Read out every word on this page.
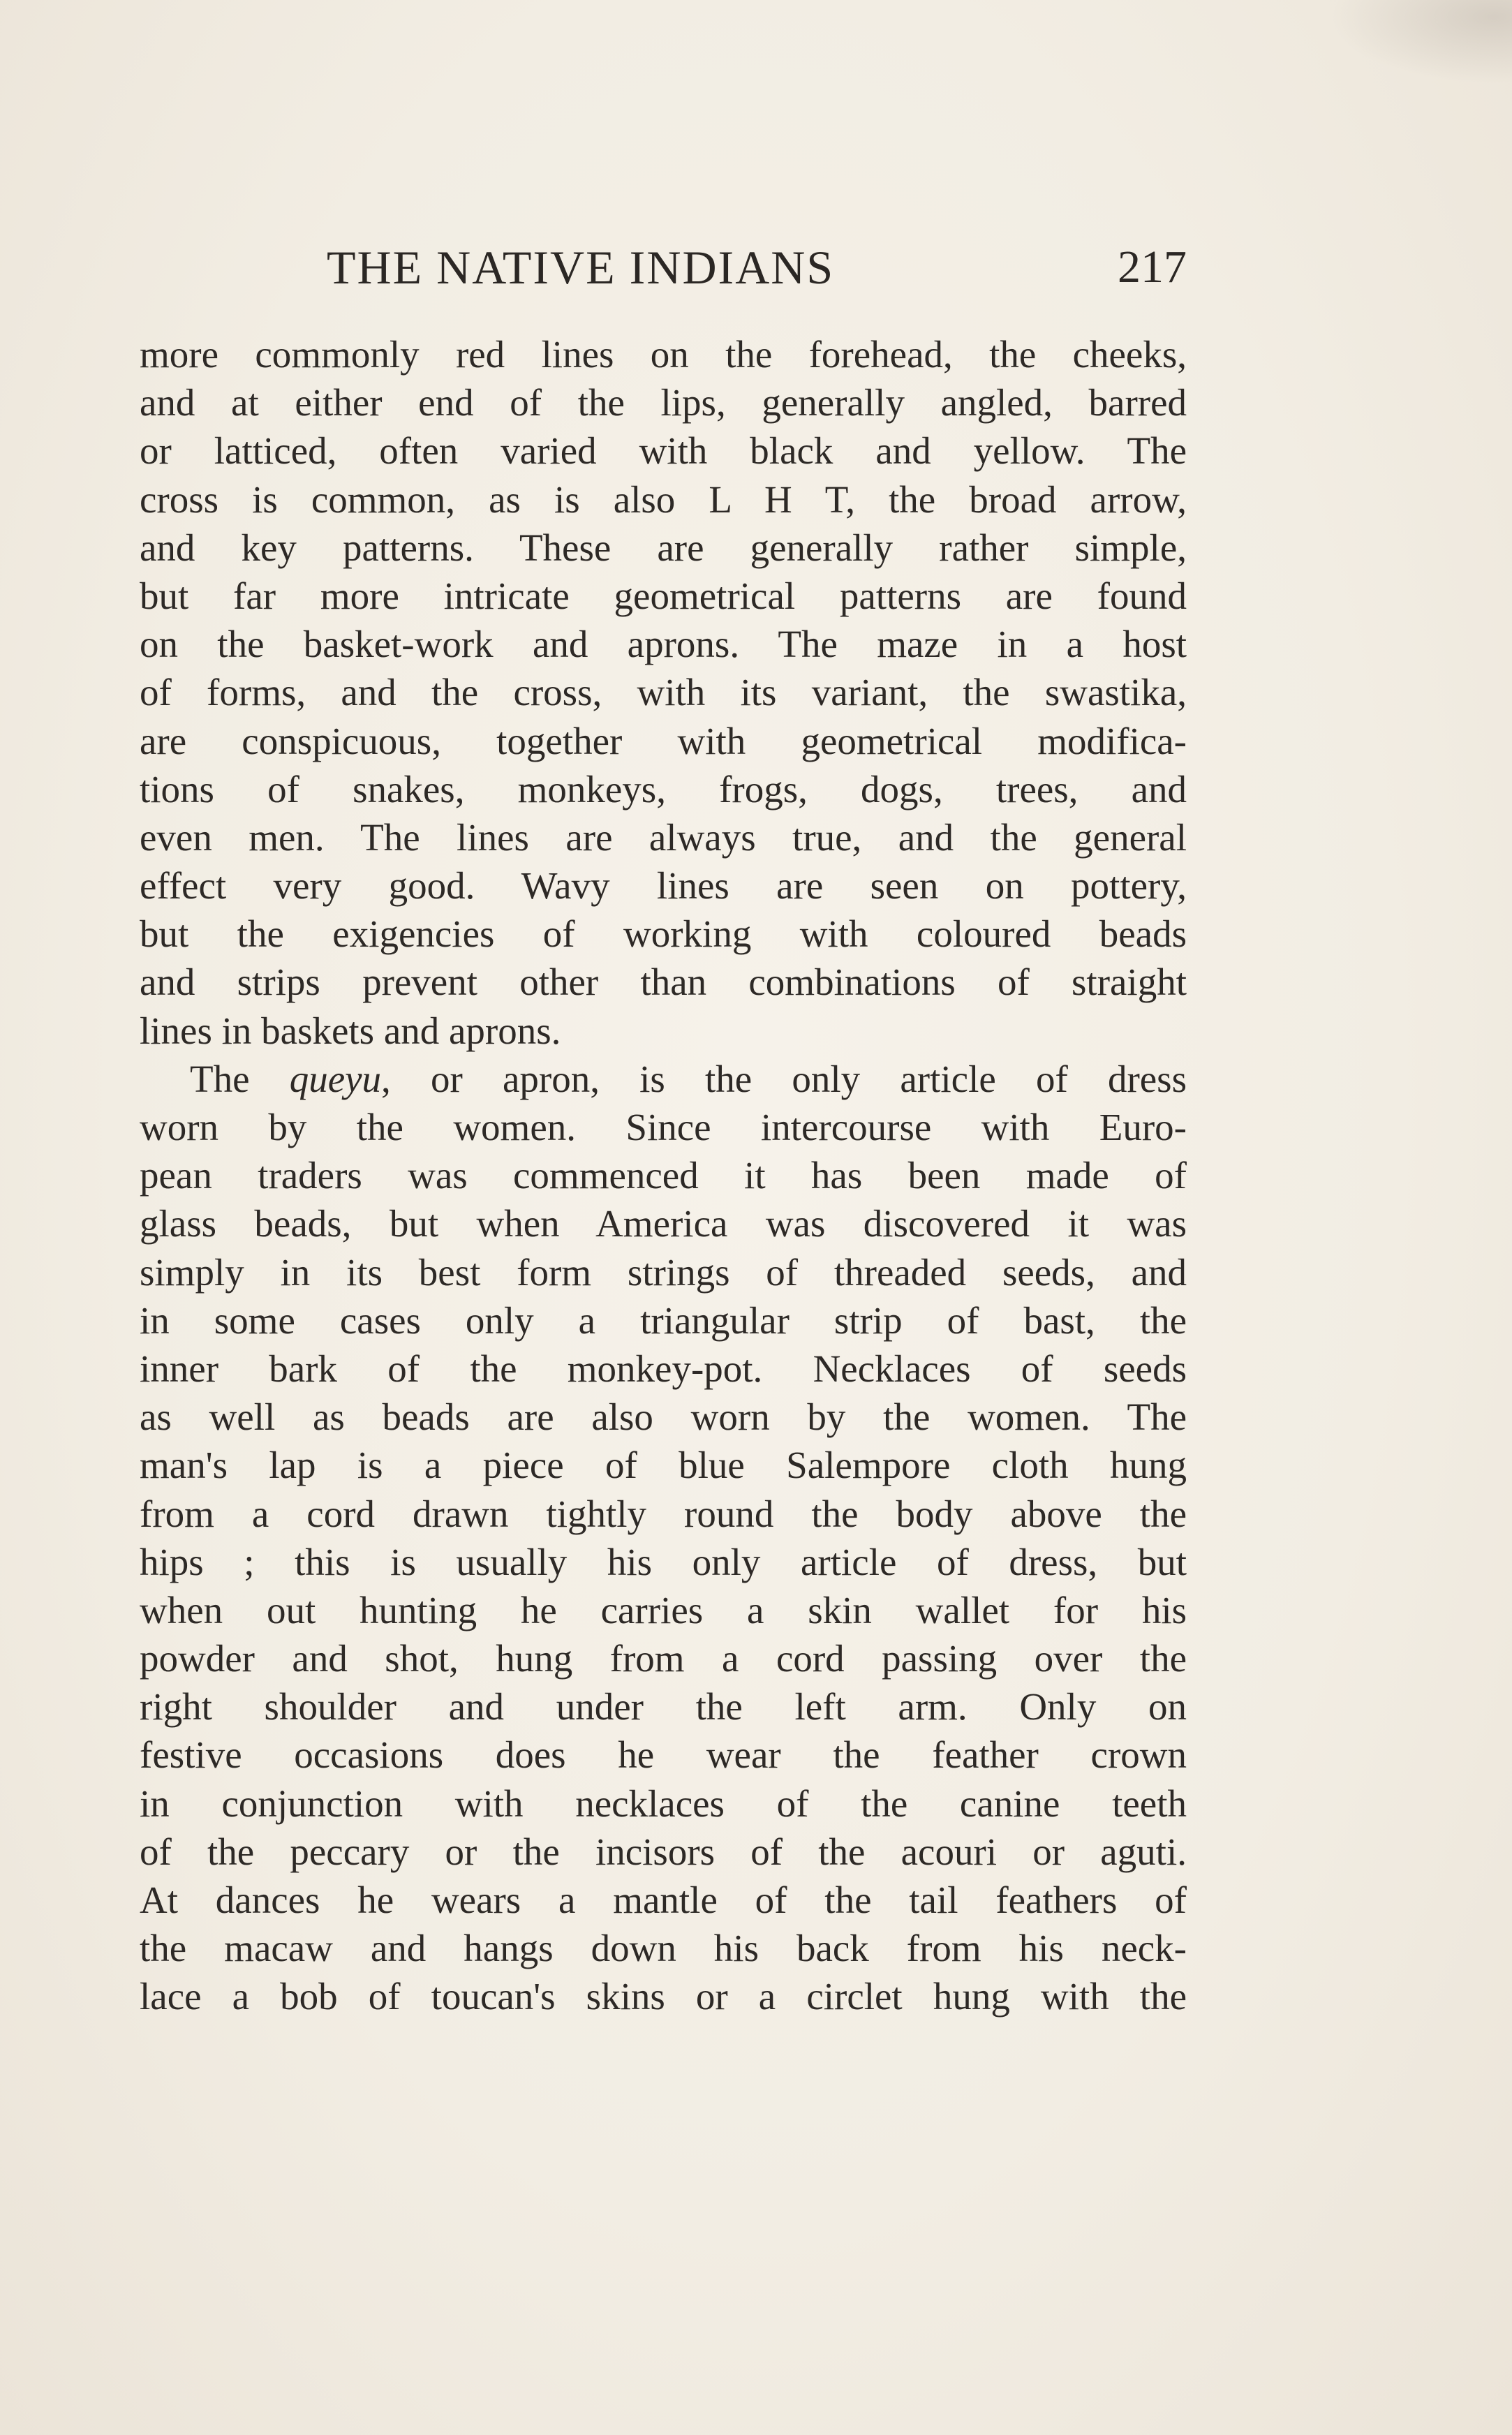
THE NATIVE INDIANS	217
more commonly red lines on the forehead, the cheeks,
and at either end of the lips, generally angled, barred
or latticed, often varied with black and yellow. The
cross is common, as is also L H T, the broad arrow,
and key patterns. These are generally rather simple,
but far more intricate geometrical patterns are found
on the basket-work and aprons. The maze in a host
of forms, and the cross, with its variant, the swastika,
are conspicuous, together with geometrical modifica-
tions of snakes, monkeys, frogs, dogs, trees, and
even men. The lines are always true, and the general
effect very good. Wavy lines are seen on pottery,
but the exigencies of working with coloured beads
and strips prevent other than combinations of straight
lines in baskets and aprons.
The queyu, or apron, is the only article of dress
worn by the women. Since intercourse with Euro-
pean traders was commenced it has been made of
glass beads, but when America was discovered it was
simply in its best form strings of threaded seeds, and
in some cases only a triangular strip of bast, the
inner bark of the monkey-pot. Necklaces of seeds
as well as beads are also worn by the women. The
man's lap is a piece of blue Salempore cloth hung
from a cord drawn tightly round the body above the
hips ; this is usually his only article of dress, but
when out hunting he carries a skin wallet for his
powder and shot, hung from a cord passing over the
right shoulder and under the left arm. Only on
festive occasions does he wear the feather crown
in conjunction with necklaces of the canine teeth
of the peccary or the incisors of the acouri or aguti.
At dances he wears a mantle of the tail feathers of
the macaw and hangs down his back from his neck-
lace a bob of toucan's skins or a circlet hung with the
